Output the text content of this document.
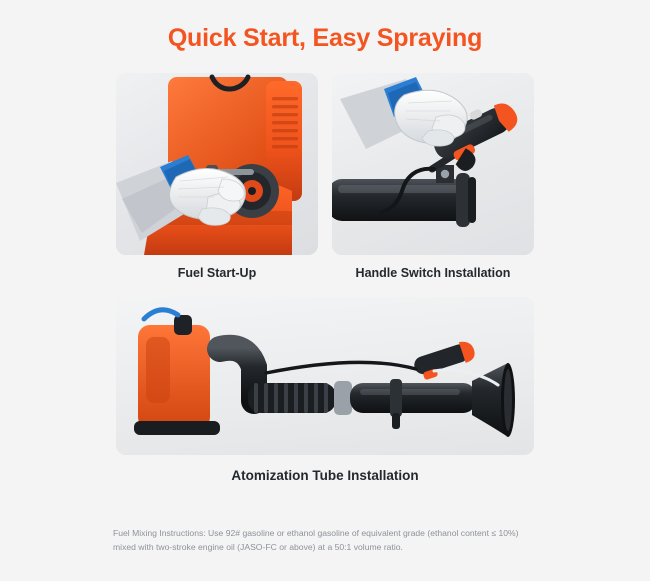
Quick Start, Easy Spraying
Fuel Start-Up	Handle Switch Installation
Atomization Tube Installation
Fuel Mixing Instructions: Use 92# gasoline or ethanol gasoline of equivalent grade (ethanol content ≤ 10%) mixed with two-stroke engine oil (JASO-FC or above) at a 50:1 volume ratio.
